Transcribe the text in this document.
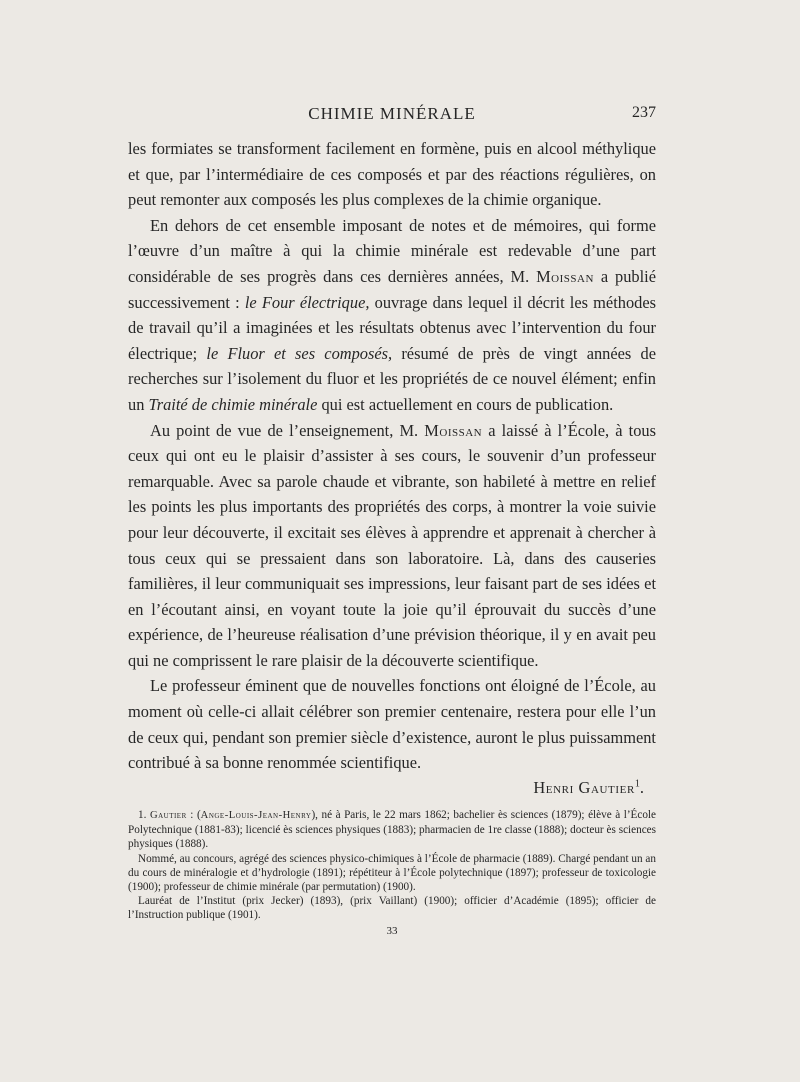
CHIMIE MINÉRALE	237

les formiates se transforment facilement en formène, puis en alcool méthylique et que, par l’intermédiaire de ces composés et par des réactions régulières, on peut remonter aux composés les plus complexes de la chimie organique.

En dehors de cet ensemble imposant de notes et de mémoires, qui forme l’œuvre d’un maître à qui la chimie minérale est redevable d’une part considérable de ses progrès dans ces dernières années, M. Moissan a publié successivement : le Four électrique, ouvrage dans lequel il décrit les méthodes de travail qu’il a imaginées et les résultats obtenus avec l’intervention du four électrique; le Fluor et ses composés, résumé de près de vingt années de recherches sur l’isolement du fluor et les propriétés de ce nouvel élément; enfin un Traité de chimie minérale qui est actuellement en cours de publication.

Au point de vue de l’enseignement, M. Moissan a laissé à l’École, à tous ceux qui ont eu le plaisir d’assister à ses cours, le souvenir d’un professeur remarquable. Avec sa parole chaude et vibrante, son habileté à mettre en relief les points les plus importants des propriétés des corps, à montrer la voie suivie pour leur découverte, il excitait ses élèves à apprendre et apprenait à chercher à tous ceux qui se pressaient dans son laboratoire. Là, dans des causeries familières, il leur communiquait ses impressions, leur faisant part de ses idées et en l’écoutant ainsi, en voyant toute la joie qu’il éprouvait du succès d’une expérience, de l’heureuse réalisation d’une prévision théorique, il y en avait peu qui ne comprissent le rare plaisir de la découverte scientifique.

Le professeur éminent que de nouvelles fonctions ont éloigné de l’École, au moment où celle-ci allait célébrer son premier centenaire, restera pour elle l’un de ceux qui, pendant son premier siècle d’existence, auront le plus puissamment contribué à sa bonne renommée scientifique.

Henri Gautier$^1$.

1. Gautier : (Ange-Louis-Jean-Henry), né à Paris, le 22 mars 1862; bachelier ès sciences (1879); élève à l’École Polytechnique (1881-83); licencié ès sciences physiques (1883); pharmacien de 1re classe (1888); docteur ès sciences physiques (1888).

Nommé, au concours, agrégé des sciences physico-chimiques à l’École de pharmacie (1889). Chargé pendant un an du cours de minéralogie et d’hydrologie (1891); répétiteur à l’École polytechnique (1897); professeur de toxicologie (1900); professeur de chimie minérale (par permutation) (1900).

Lauréat de l’Institut (prix Jecker) (1893), (prix Vaillant) (1900); officier d’Académie (1895); officier de l’Instruction publique (1901).

33
